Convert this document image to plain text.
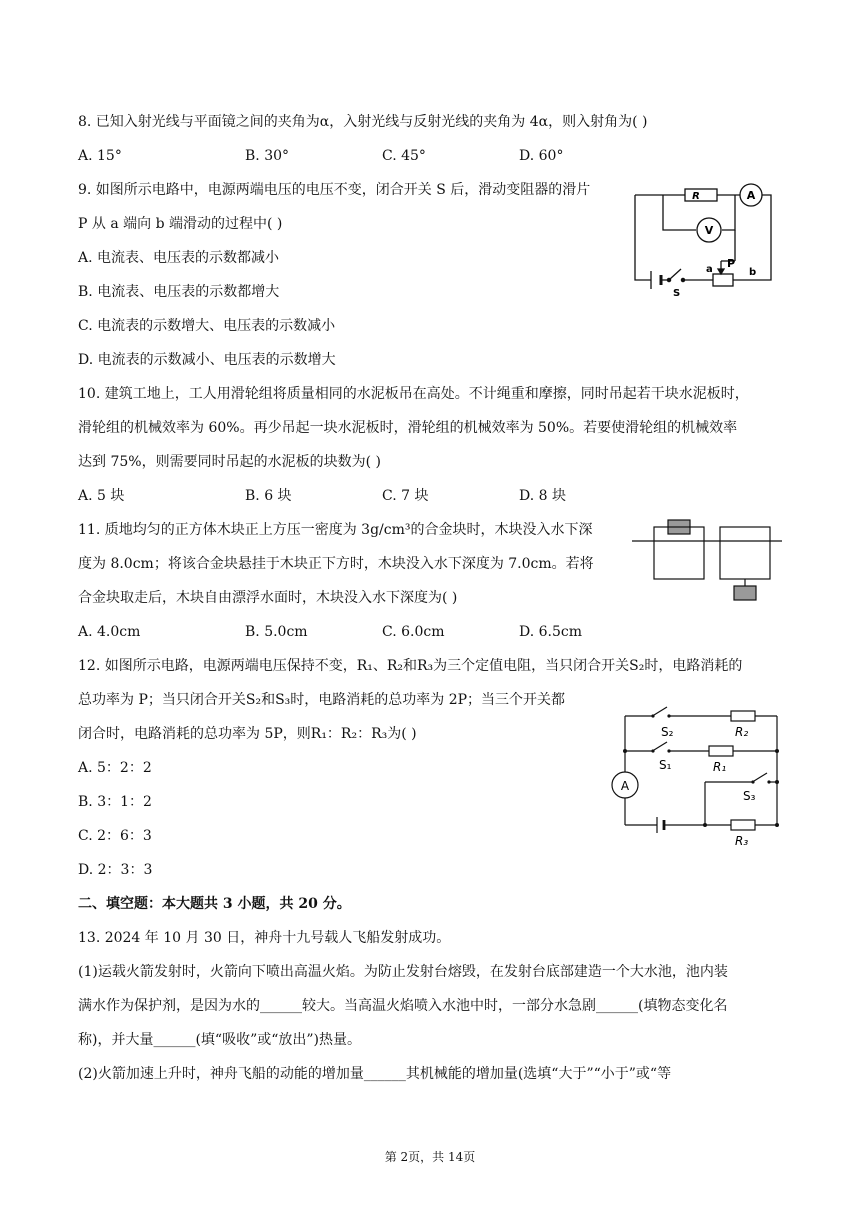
8. 已知入射光线与平面镜之间的夹角为α，入射光线与反射光线的夹角为 4α，则入射角为( )
A. 15°	B. 30°	C. 45°	D. 60°
9. 如图所示电路中，电源两端电压的电压不变，闭合开关 S 后，滑动变阻器的滑片
P 从 a 端向 b 端滑动的过程中( )
A. 电流表、电压表的示数都减小
B. 电流表、电压表的示数都增大
C. 电流表的示数增大、电压表的示数减小
D. 电流表的示数减小、电压表的示数增大
R	A
V
S
a P
b
10. 建筑工地上，工人用滑轮组将质量相同的水泥板吊在高处。不计绳重和摩擦，同时吊起若干块水泥板时，
滑轮组的机械效率为 60%。再少吊起一块水泥板时，滑轮组的机械效率为 50%。若要使滑轮组的机械效率
达到 75%，则需要同时吊起的水泥板的块数为( )
A. 5 块	B. 6 块	C. 7 块	D. 8 块
11. 质地均匀的正方体木块正上方压一密度为 3g/cm³的合金块时，木块没入水下深
度为 8.0cm；将该合金块悬挂于木块正下方时，木块没入水下深度为 7.0cm。若将
合金块取走后，木块自由漂浮水面时，木块没入水下深度为( )
A. 4.0cm	B. 5.0cm	C. 6.0cm	D. 6.5cm
12. 如图所示电路，电源两端电压保持不变，R₁、R₂和R₃为三个定值电阻，当只闭合开关S₂时，电路消耗的
总功率为 P；当只闭合开关S₂和S₃时，电路消耗的总功率为 2P；当三个开关都
闭合时，电路消耗的总功率为 5P，则R₁：R₂：R₃为( )
A. 5：2：2
B. 3：1：2
C. 2：6：3
D. 2：3：3
S₂	R₂
S₁	R₁
A
S₃
R₃
二、填空题：本大题共 3 小题，共 20 分。
13. 2024 年 10 月 30 日，神舟十九号载人飞船发射成功。
(1)运载火箭发射时，火箭向下喷出高温火焰。为防止发射台熔毁，在发射台底部建造一个大水池，池内装
满水作为保护剂，是因为水的______较大。当高温火焰喷入水池中时，一部分水急剧______(填物态变化名
称)，并大量______(填“吸收”或“放出”)热量。
(2)火箭加速上升时，神舟飞船的动能的增加量______其机械能的增加量(选填“大于”“小于”或“等
第 2页，共 14页
